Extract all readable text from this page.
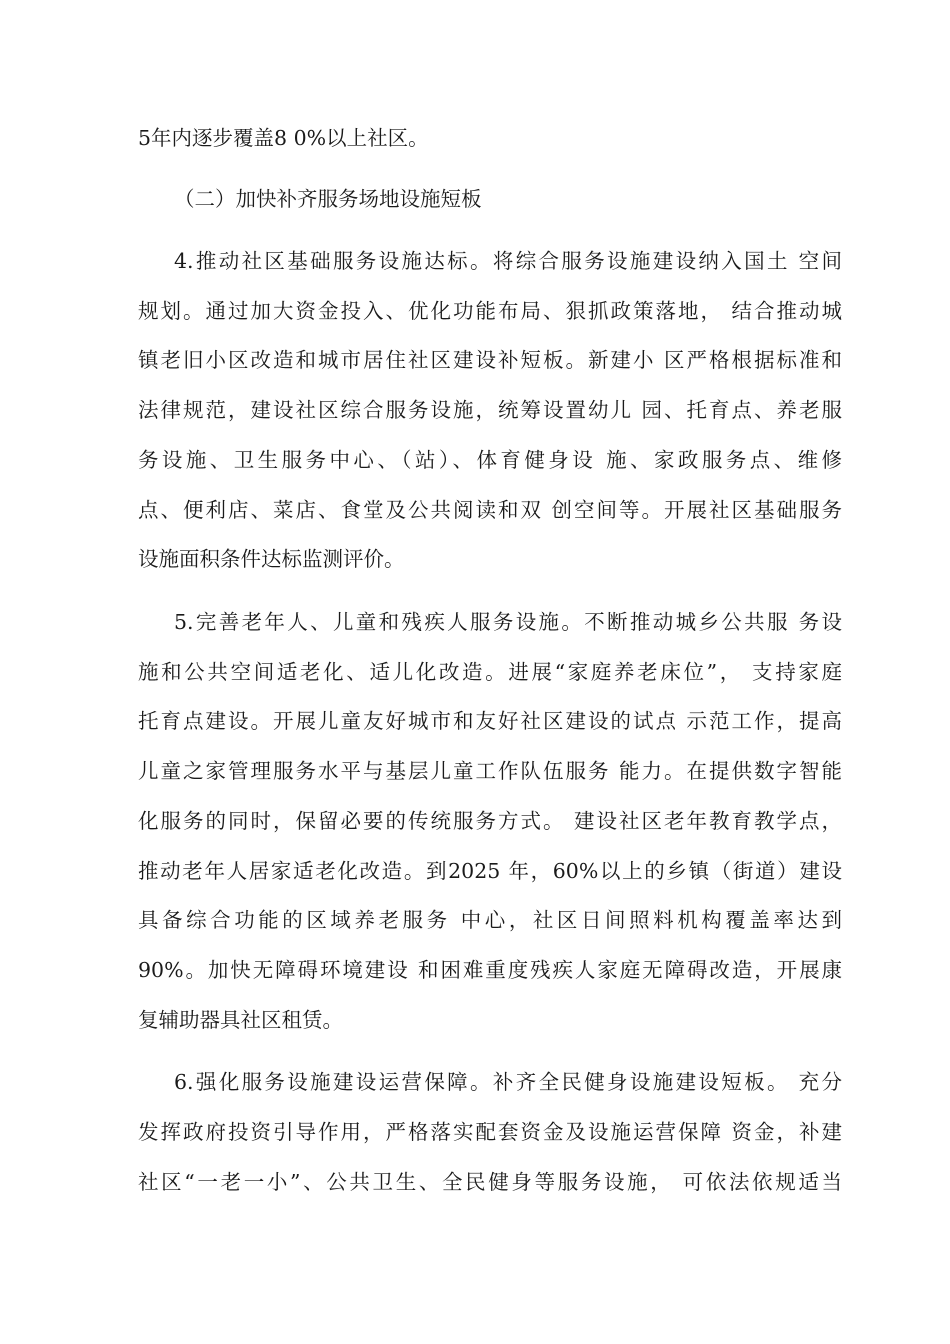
5年内逐步覆盖8 0%以上社区。
（二）加快补齐服务场地设施短板
4.推动社区基础服务设施达标。将综合服务设施建设纳入国土 空间
规划。通过加大资金投入、优化功能布局、狠抓政策落地， 结合推动城
镇老旧小区改造和城市居住社区建设补短板。新建小 区严格根据标准和
法律规范，建设社区综合服务设施，统筹设置幼儿 园、托育点、养老服
务设施、卫生服务中心、（站）、体育健身设 施、家政服务点、维修
点、便利店、菜店、食堂及公共阅读和双 创空间等。开展社区基础服务
设施面积条件达标监测评价。
5.完善老年人、儿童和残疾人服务设施。不断推动城乡公共服 务设
施和公共空间适老化、适儿化改造。进展“家庭养老床位”， 支持家庭
托育点建设。开展儿童友好城市和友好社区建设的试点 示范工作，提高
儿童之家管理服务水平与基层儿童工作队伍服务 能力。在提供数字智能
化服务的同时，保留必要的传统服务方式。 建设社区老年教育教学点，
推动老年人居家适老化改造。到2025 年，60%以上的乡镇（街道）建设
具备综合功能的区域养老服务 中心，社区日间照料机构覆盖率达到
90%。加快无障碍环境建设 和困难重度残疾人家庭无障碍改造，开展康
复辅助器具社区租赁。
6.强化服务设施建设运营保障。补齐全民健身设施建设短板。 充分
发挥政府投资引导作用，严格落实配套资金及设施运营保障 资金，补建
社区“一老一小”、公共卫生、全民健身等服务设施， 可依法依规适当
